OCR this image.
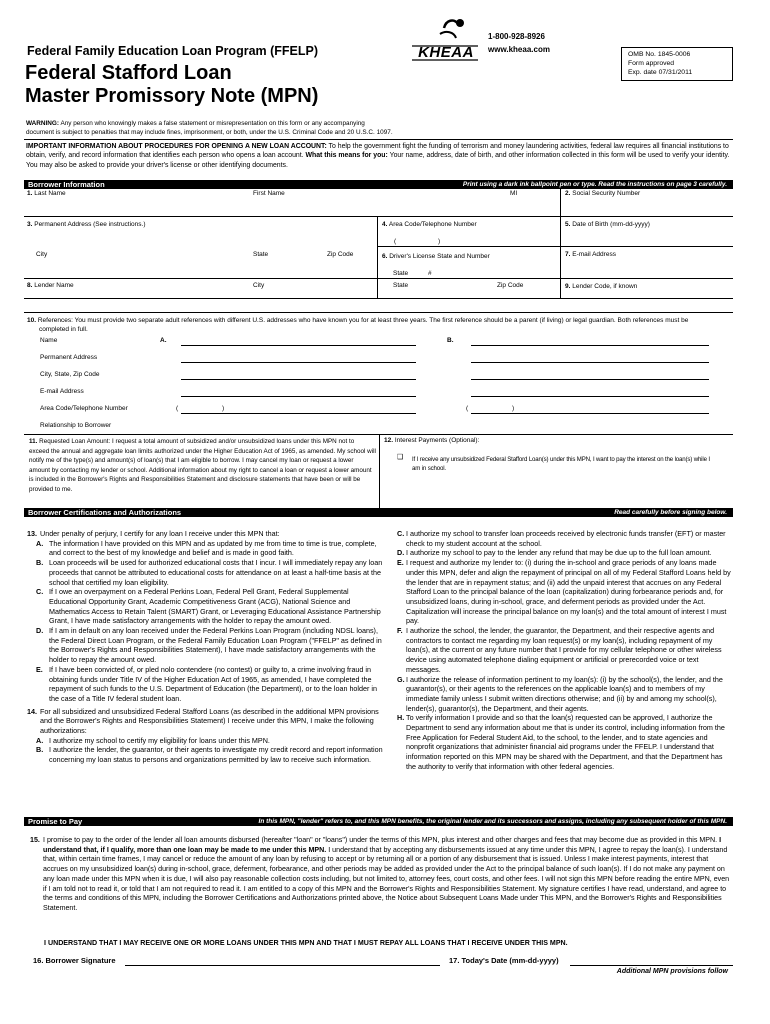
KHEAA
1-800-928-8926
www.kheaa.com
Federal Family Education Loan Program (FFELP)
Federal Stafford Loan
Master Promissory Note (MPN)
OMB No. 1845-0006
Form approved
Exp. date 07/31/2011
WARNING: Any person who knowingly makes a false statement or misrepresentation on this form or any accompanying
document is subject to penalties that may include fines, imprisonment, or both, under the U.S. Criminal Code and 20 U.S.C. 1097.
IMPORTANT INFORMATION ABOUT PROCEDURES FOR OPENING A NEW LOAN ACCOUNT: To help the government fight the funding of terrorism and money laundering activities, federal law requires all financial institutions to obtain, verify, and record information that identifies each person who opens a loan account. What this means for you: Your name, address, date of birth, and other information collected in this form will be used to verify your identity. You may also be asked to provide your driver's license or other identifying documents.
Borrower Information	Print using a dark ink ballpoint pen or type. Read the instructions on page 3 carefully.
1. Last Name	First Name	MI	2. Social Security Number
3. Permanent Address (See instructions.)	4. Area Code/Telephone Number	5. Date of Birth (mm-dd-yyyy)
(	)
City	State	Zip Code	6. Driver's License State and Number	7. E-mail Address
State	#
8. Lender Name	City	State	Zip Code	9. Lender Code, if known
10. References: You must provide two separate adult references with different U.S. addresses who have known you for at least three years. The first reference should be a parent (if living) or legal guardian. Both references must be
completed in full.
A.	B.
Name
Permanent Address
City, State, Zip Code
E-mail Address
Area Code/Telephone Number	(	)	(	)
Relationship to Borrower
11. Requested Loan Amount: I request a total amount of subsidized and/or unsubsidized loans under this MPN not to exceed the annual and aggregate loan limits authorized under the Higher Education Act of 1965, as amended. My school will notify me of the type(s) and amount(s) of loan(s) that I am eligible to borrow. I may cancel my loan or request a lower amount by contacting my lender or school. Additional information about my right to cancel a loan or request a lower amount is included in the Borrower's Rights and Responsibilities Statement and disclosure statements that have been or will be provided to me.
12. Interest Payments (Optional):
❑ If I receive any unsubsidized Federal Stafford Loan(s) under this MPN, I want to pay the interest on the loan(s) while I am in school.
Borrower Certifications and Authorizations	Read carefully before signing below.

13. Under penalty of perjury, I certify for any loan I receive under this MPN that:

A. The information I have provided on this MPN and as updated by me from time to time is true, complete, and correct to the best of my knowledge and belief and is made in good faith.

B. Loan proceeds will be used for authorized educational costs that I incur. I will immediately repay any loan proceeds that cannot be attributed to educational costs for attendance on at least a half-time basis at the school that certified my loan eligibility.

C. If I owe an overpayment on a Federal Perkins Loan, Federal Pell Grant, Federal Supplemental Educational Opportunity Grant, Academic Competitiveness Grant (ACG), National Science and Mathematics Access to Retain Talent (SMART) Grant, or Leveraging Educational Assistance Partnership Grant, I have made satisfactory arrangements with the holder to repay the amount owed.

D. If I am in default on any loan received under the Federal Perkins Loan Program (including NDSL loans), the Federal Direct Loan Program, or the Federal Family Education Loan Program ("FFELP" as defined in the Borrower's Rights and Responsibilities Statement), I have made satisfactory arrangements with the holder to repay the amount owed.

E. If I have been convicted of, or pled nolo contendere (no contest) or guilty to, a crime involving fraud in obtaining funds under Title IV of the Higher Education Act of 1965, as amended, I have completed the repayment of such funds to the U.S. Department of Education (the Department), or to the loan holder in the case of a Title IV federal student loan.

14. For all subsidized and unsubsidized Federal Stafford Loans (as described in the additional MPN provisions and the Borrower's Rights and Responsibilities Statement) I receive under this MPN, I make the following authorizations:

A. I authorize my school to certify my eligibility for loans under this MPN.

B. I authorize the lender, the guarantor, or their agents to investigate my credit record and report information concerning my loan status to persons and organizations permitted by law to receive such information.

C. I authorize my school to transfer loan proceeds received by electronic funds transfer (EFT) or master check to my student account at the school.

D. I authorize my school to pay to the lender any refund that may be due up to the full loan amount.

E. I request and authorize my lender to: (i) during the in-school and grace periods of any loans made under this MPN, defer and align the repayment of principal on all of my Federal Stafford Loans held by the lender that are in repayment status; and (ii) add the unpaid interest that accrues on any Federal Stafford Loan to the principal balance of the loan (capitalization) during forbearance periods and, for unsubsidized loans, during in-school, grace, and deferment periods as provided under the Act. Capitalization will increase the principal balance on my loan(s) and the total amount of interest I must pay.

F. I authorize the school, the lender, the guarantor, the Department, and their respective agents and contractors to contact me regarding my loan request(s) or my loan(s), including repayment of my loan(s), at the current or any future number that I provide for my cellular telephone or other wireless device using automated telephone dialing equipment or artificial or prerecorded voice or text messages.

G. I authorize the release of information pertinent to my loan(s): (i) by the school(s), the lender, and the guarantor(s), or their agents to the references on the applicable loan(s) and to members of my immediate family unless I submit written directions otherwise; and (ii) by and among my school(s), lender(s), guarantor(s), the Department, and their agents.

H. To verify information I provide and so that the loan(s) requested can be approved, I authorize the Department to send any information about me that is under its control, including information from the Free Application for Federal Student Aid, to the school, to the lender, and to state agencies and nonprofit organizations that administer financial aid programs under the FFELP. I understand that information reported on this MPN may be shared with the Department, and that the Department has the authority to verify that information with other federal agencies.

Promise to Pay	In this MPN, "lender" refers to, and this MPN benefits, the original lender and its successors and assigns, including any subsequent holder of this MPN.

15. I promise to pay to the order of the lender all loan amounts disbursed (hereafter "loan" or "loans") under the terms of this MPN, plus interest and other charges and fees that may become due as provided in this MPN. I understand that, if I qualify, more than one loan may be made to me under this MPN. I understand that by accepting any disbursements issued at any time under this MPN, I agree to repay the loan(s). I understand that, within certain time frames, I may cancel or reduce the amount of any loan by refusing to accept or by returning all or a portion of any disbursement that is issued. Unless I make interest payments, interest that accrues on my unsubsidized loan(s) during in-school, grace, deferment, forbearance, and other periods may be added as provided under the Act to the principal balance of such loan(s). If I do not make any payment on any loan made under this MPN when it is due, I will also pay reasonable collection costs including, but not limited to, attorney fees, court costs, and other fees. I will not sign this MPN before reading the entire MPN, even if I am told not to read it, or told that I am not required to read it. I am entitled to a copy of this MPN and the Borrower's Rights and Responsibilities Statement. My signature certifies I have read, understand, and agree to the terms and conditions of this MPN, including the Borrower Certifications and Authorizations printed above, the Notice about Subsequent Loans Made under This MPN, and the Borrower's Rights and Responsibilities Statement.

I UNDERSTAND THAT I MAY RECEIVE ONE OR MORE LOANS UNDER THIS MPN AND THAT I MUST REPAY ALL LOANS THAT I RECEIVE UNDER THIS MPN.
16. Borrower Signature	17. Today's Date (mm-dd-yyyy)
Additional MPN provisions follow
